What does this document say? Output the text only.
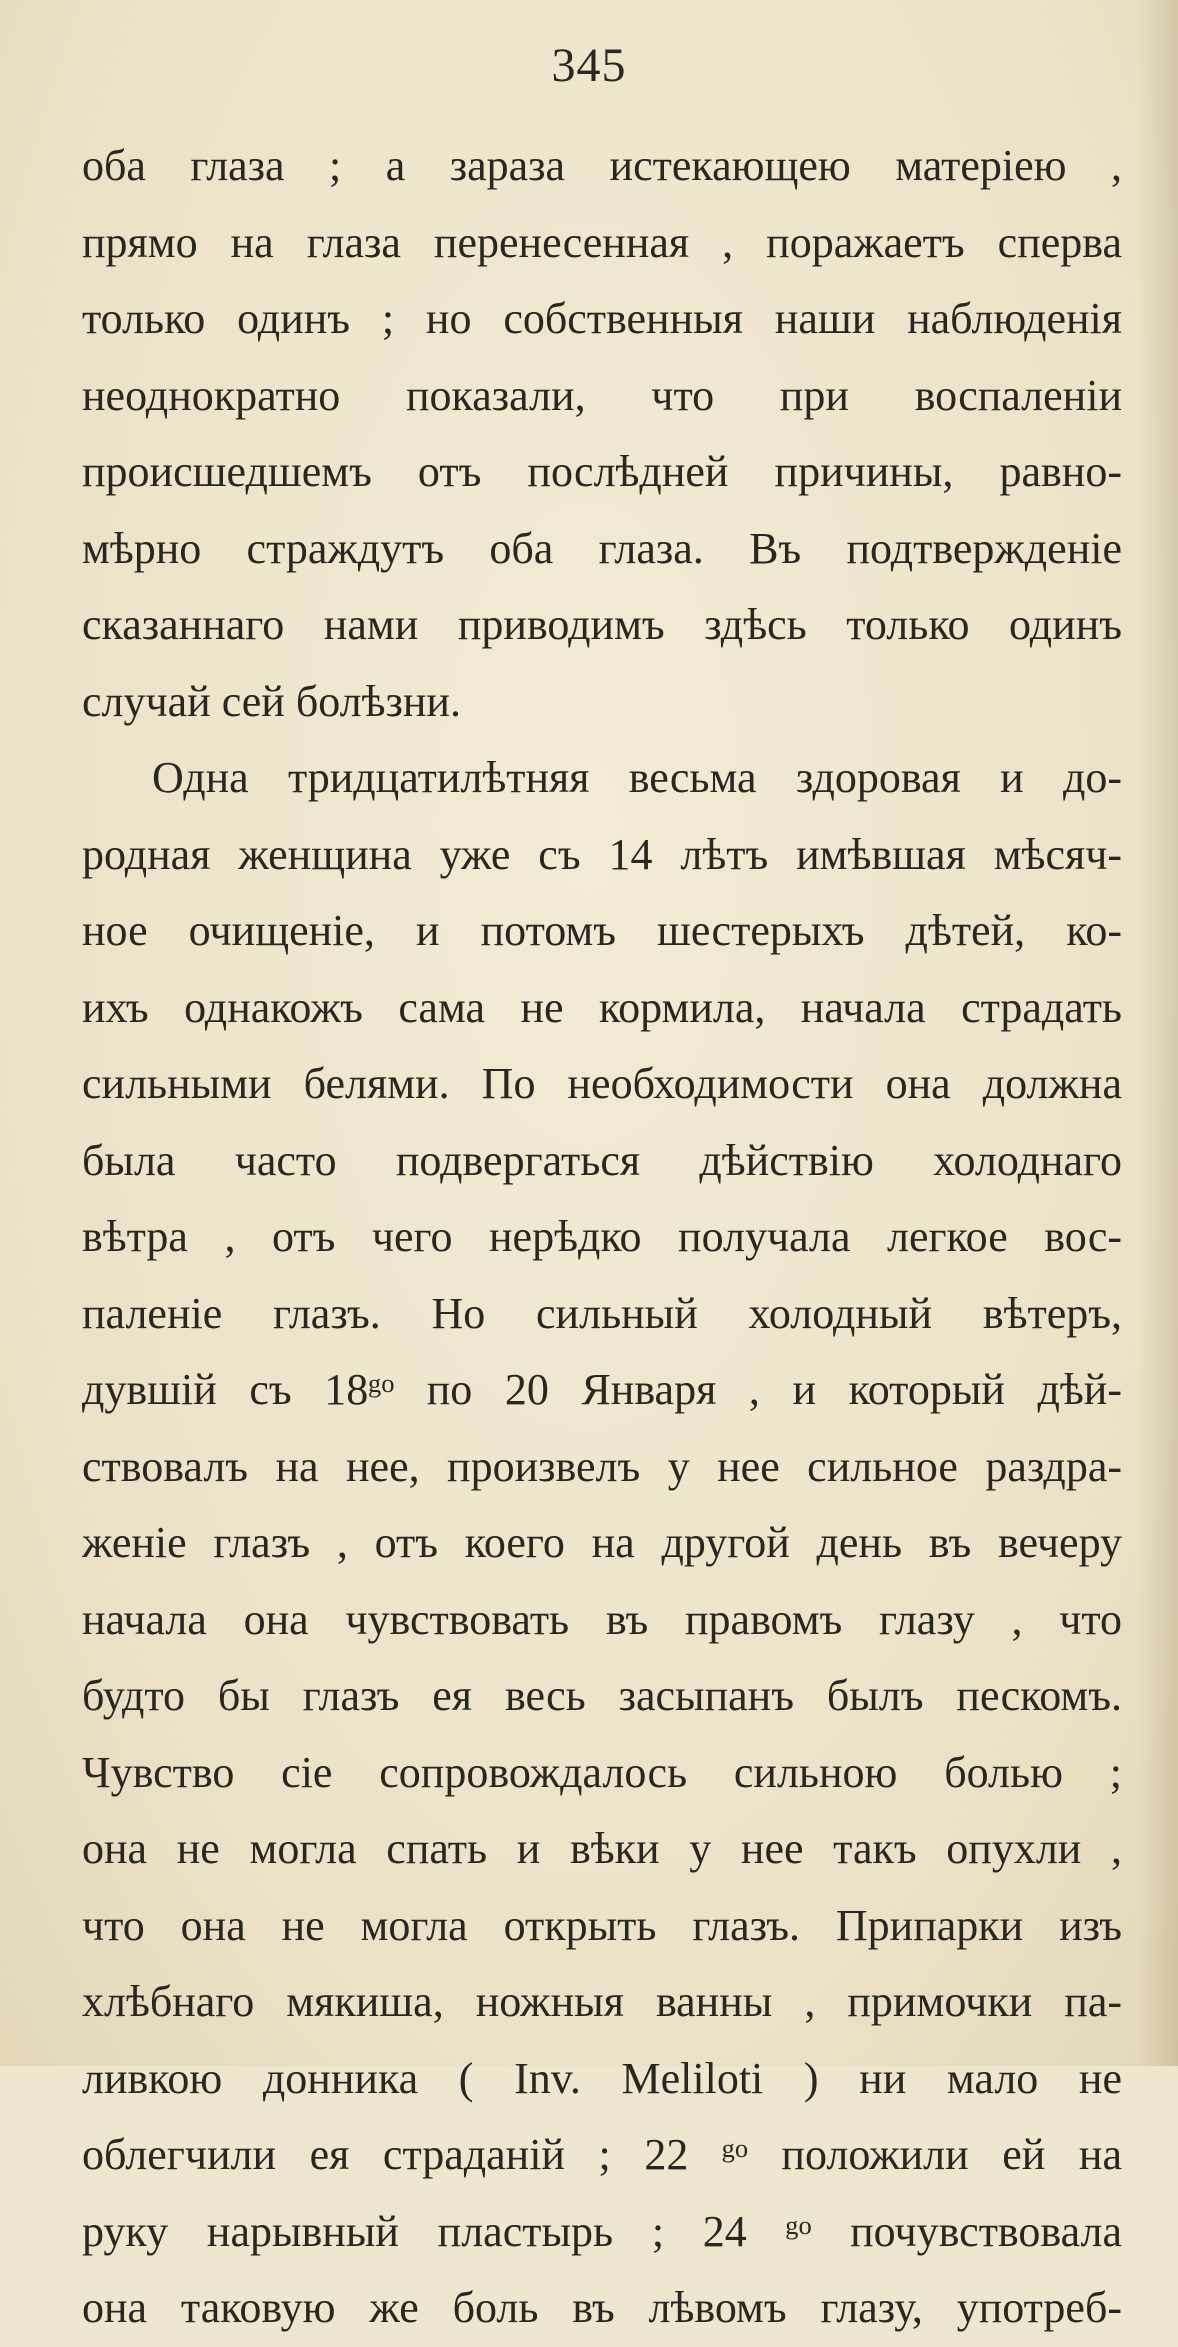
345
оба глаза ; а зараза истекающею матеріею ,
прямо на глаза перенесенная , поражаетъ сперва
только одинъ ; но собственныя наши наблюденія
неоднократно показали, что при воспаленіи
происшедшемъ отъ послѣдней причины, равно-
мѣрно страждутъ оба глаза. Въ подтвержденіе
сказаннаго нами приводимъ здѣсь только одинъ
случай сей болѣзни.
Одна тридцатилѣтняя весьма здоровая и до-
родная женщина уже съ 14 лѣтъ имѣвшая мѣсяч-
ное очищеніе, и потомъ шестерыхъ дѣтей, ко-
ихъ однакожъ сама не кормила, начала страдать
сильными белями. По необходимости она должна
была часто подвергаться дѣйствію холоднаго
вѣтра , отъ чего нерѣдко получала легкое вос-
паленіе глазъ. Но сильный холодный вѣтеръ,
дувшій съ 18ᵍᵒ по 20 Января , и который дѣй-
ствовалъ на нее, произвелъ у нее сильное раздра-
женіе глазъ , отъ коего на другой день въ вечеру
начала она чувствовать въ правомъ глазу , что
будто бы глазъ ея весь засыпанъ былъ пескомъ.
Чувство сіе сопровождалось сильною болью ;
она не могла спать и вѣки у нее такъ опухли ,
что она не могла открыть глазъ. Припарки изъ
хлѣбнаго мякиша, ножныя ванны , примочки па-
ливкою донника ( Inv. Meliloti ) ни мало не
облегчили ея страданій ; 22 ᵍᵒ положили ей на
руку нарывный пластырь ; 24 ᵍᵒ почувствовала
она таковую же боль въ лѣвомъ глазу, употреб-
